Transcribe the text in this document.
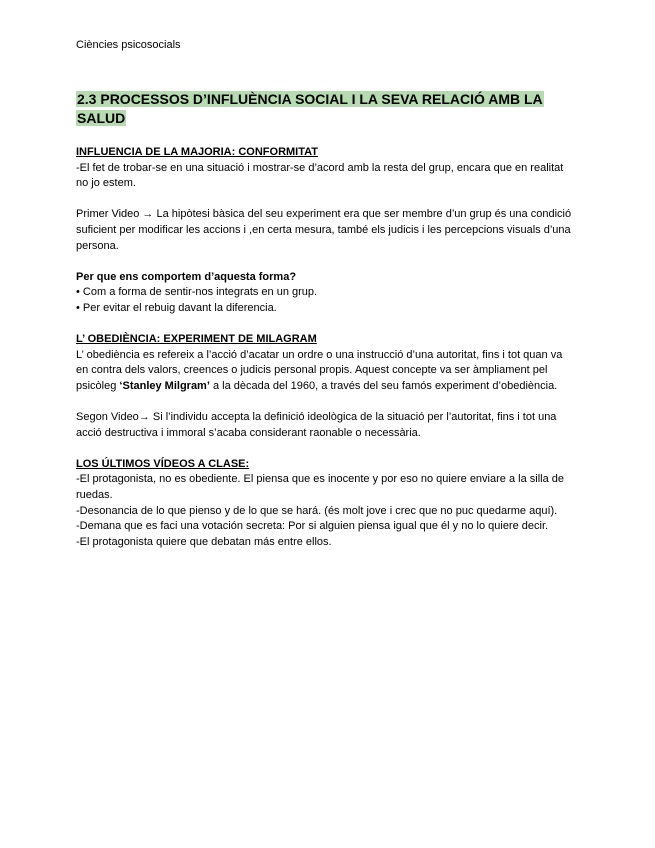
Ciències psicosocials
2.3 PROCESSOS D’INFLUÈNCIA SOCIAL I LA SEVA RELACIÓ AMB LA SALUD

INFLUENCIA DE LA MAJORIA: CONFORMITAT

-El fet de trobar-se en una situació i mostrar-se d’acord amb la resta del grup, encara que en realitat no jo estem.

Primer Video → La hipòtesi bàsica del seu experiment era que ser membre d’un grup és una condició suficient per modificar les accions i ,en certa mesura, també els judicis i les percepcions visuals d’una persona.

Per que ens comportem d’aquesta forma?

• Com a forma de sentir-nos integrats en un grup.

• Per evitar el rebuig davant la diferencia.

L’ OBEDIÈNCIA: EXPERIMENT DE MILAGRAM

L’ obediència es refereix a l’acció d’acatar un ordre o una instrucció d’una autoritat, fins i tot quan va en contra dels valors, creences o judicis personal propis. Aquest concepte va ser àmpliament pel psicòleg ‘Stanley Milgram’ a la dècada del 1960, a través del seu famós experiment d’obediència.

Segon Video→ Si l’individu accepta la definició ideològica de la situació per l’autoritat, fins i tot una acció destructiva i immoral s’acaba considerant raonable o necessària.

LOS ÚLTIMOS VÍDEOS A CLASE:

-El protagonista, no es obediente. El piensa que es inocente y por eso no quiere enviare a la silla de ruedas.

-Desonancia de lo que pienso y de lo que se hará. (és molt jove i crec que no puc quedarme aquí).

-Demana que es faci una votación secreta: Por si alguien piensa igual que él y no lo quiere decir.

-El protagonista quiere que debatan más entre ellos.
